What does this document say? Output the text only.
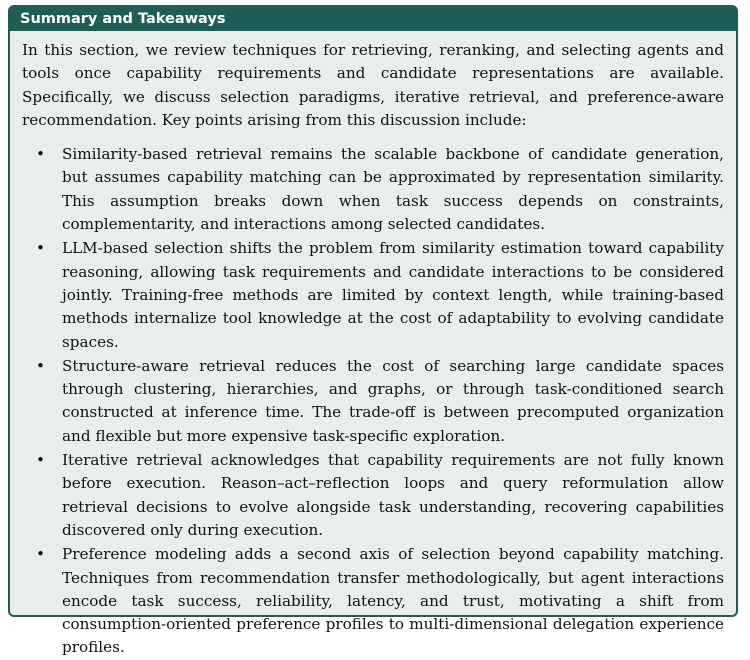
Summary and Takeaways

In this section, we review techniques for retrieving, reranking, and selecting agents and tools once capability requirements and candidate representations are available. Specifically, we discuss selection paradigms, iterative retrieval, and preference-aware recommendation. Key points arising from this discussion include:

• Similarity-based retrieval remains the scalable backbone of candidate generation, but assumes capability matching can be approximated by representation similarity. This assumption breaks down when task success depends on constraints, complementarity, and interactions among selected candidates.
• LLM-based selection shifts the problem from similarity estimation toward capability reasoning, allowing task requirements and candidate interactions to be considered jointly. Training-free methods are limited by context length, while training-based methods internalize tool knowledge at the cost of adaptability to evolving candidate spaces.
• Structure-aware retrieval reduces the cost of searching large candidate spaces through clustering, hierarchies, and graphs, or through task-conditioned search constructed at inference time. The trade-off is between precomputed organization and flexible but more expensive task-specific exploration.
• Iterative retrieval acknowledges that capability requirements are not fully known before execution. Reason–act–reflection loops and query reformulation allow retrieval decisions to evolve alongside task understanding, recovering capabilities discovered only during execution.
• Preference modeling adds a second axis of selection beyond capability matching. Techniques from recommendation transfer methodologically, but agent interactions encode task success, reliability, latency, and trust, motivating a shift from consumption-oriented preference profiles to multi-dimensional delegation experience profiles.
